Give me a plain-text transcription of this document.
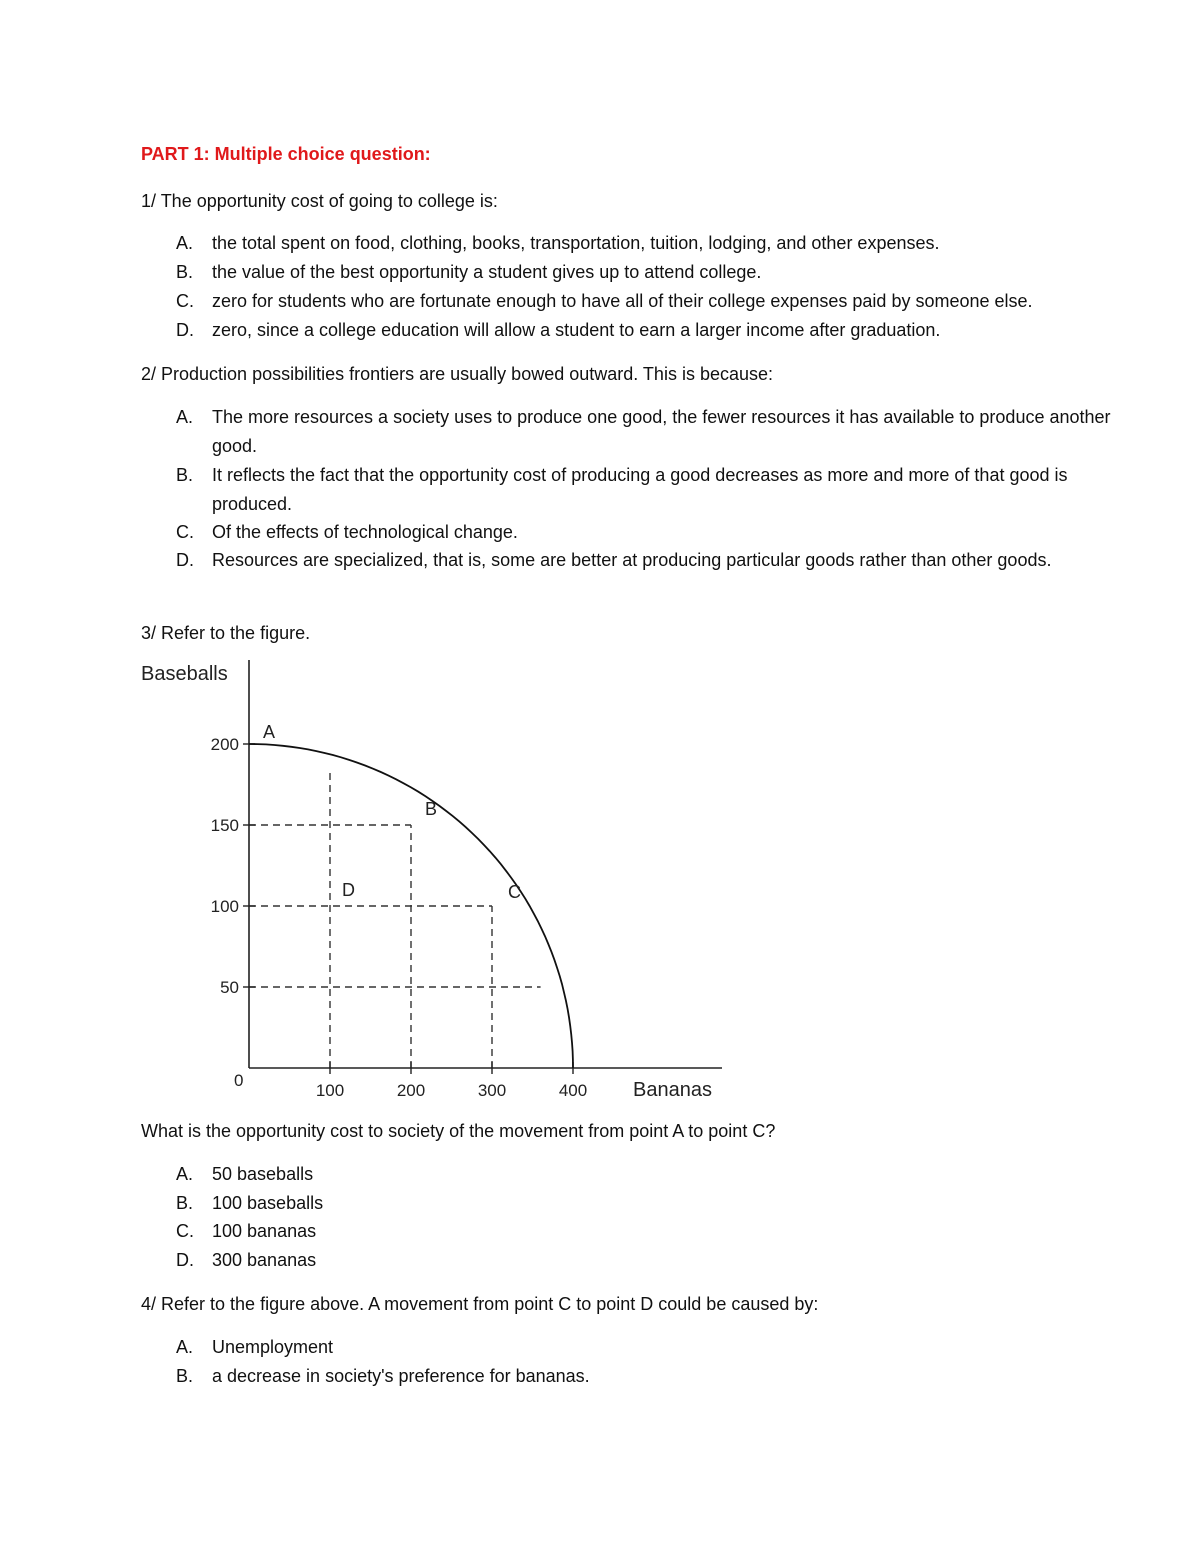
PART 1: Multiple choice question:
1/ The opportunity cost of going to college is:
A.	the total spent on food, clothing, books, transportation, tuition, lodging, and other expenses.
B.	the value of the best opportunity a student gives up to attend college.
C.	zero for students who are fortunate enough to have all of their college expenses paid by someone else.
D.	zero, since a college education will allow a student to earn a larger income after graduation.
2/ Production possibilities frontiers are usually bowed outward. This is because:
A.	The more resources a society uses to produce one good, the fewer resources it has available to produce another good.
B.	It reflects the fact that the opportunity cost of producing a good decreases as more and more of that good is produced.
C.	Of the effects of technological change.
D.	Resources are specialized, that is, some are better at producing particular goods rather than other goods.
3/ Refer to the figure.
50
100
150
200
100	200	300	400
A
B
C
D
Baseballs
Bananas
0
What is the opportunity cost to society of the movement from point A to point C?
A.	50 baseballs
B.	100 baseballs
C.	100 bananas
D.	300 bananas
4/ Refer to the figure above. A movement from point C to point D could be caused by:
A.	Unemployment
B.	a decrease in society's preference for bananas.
